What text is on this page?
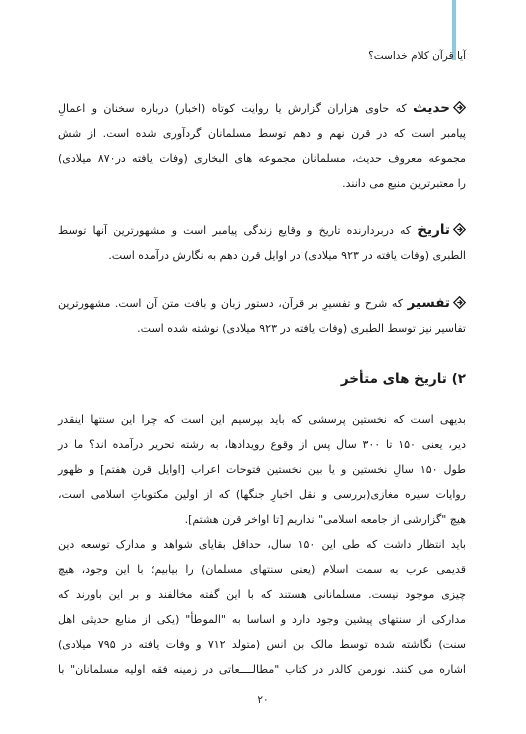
آیا قرآن کلام خداست؟

حدیث که حاوی هزاران گزارش یا روایت کوتاه (اخبار) درباره سخنان و اعمالِ
پیامبر است که در قرن نهم و دهم توسط مسلمانان گردآوری شده است. از شش
مجموعه معروف حدیث، مسلمانان مجموعه های البخاری (وفات یافته در۸۷۰ میلادی)
را معتبرترین منبع می دانند.

تاریخ که دربردارنده تاریخ و وقایع زندگی پیامبر است و مشهورترین آنها توسط
الطبری (وفات یافته در ۹۲۳ میلادی) در اوایل قرن دهم به نگارش درآمده است.

تفسیر که شرح و تفسیرِ بر قرآن، دستور زبان و بافت متن آن است. مشهورترین
تفاسیر نیز توسط الطبری (وفات یافته در ۹۲۳ میلادی) نوشته شده است.

۲) تاریخ های متأخر

بدیهی است که نخستین پرسشی که باید بپرسیم این است که چرا این سنتها اینقدر
دیر، یعنی ۱۵۰ تا ۳۰۰ سال پس از وقوع رویدادها، به رشته تحریر درآمده اند؟ ما در
طول ۱۵۰ سالِ نخستین و یا بین نخستین فتوحات اعراب [اوایل قرن هفتم] و ظهور
روایات سیره مغازی(بررسی و نقل اخبارِ جنگها) که از اولین مکتوباتِ اسلامی است،
هیچ "گزارشی از جامعه اسلامی" نداریم [تا اواخر قرن هشتم].

باید انتظار داشت که طی این ۱۵۰ سال، حداقل بقایای شواهد و مدارک توسعه دین
قدیمی عرب به سمت اسلام (یعنی سنتهای مسلمان) را بیابیم؛ با این وجود، هیچ
چیزی موجود نیست. مسلمانانی هستند که با این گفته مخالفند و بر این باورند که
مدارکی از سنتهای پیشین وجود دارد و اساسا به "الموطأ" (یکی از منابع حدیثی اهل
سنت) نگاشته شده توسط مالک بن انس (متولد ۷۱۲ و وفات یافته در ۷۹۵ میلادی)
اشاره می کنند. نورمن کالدر در کتاب "مطالــــعاتی در زمینه فقه اولیه مسلمانان" با

۲۰
